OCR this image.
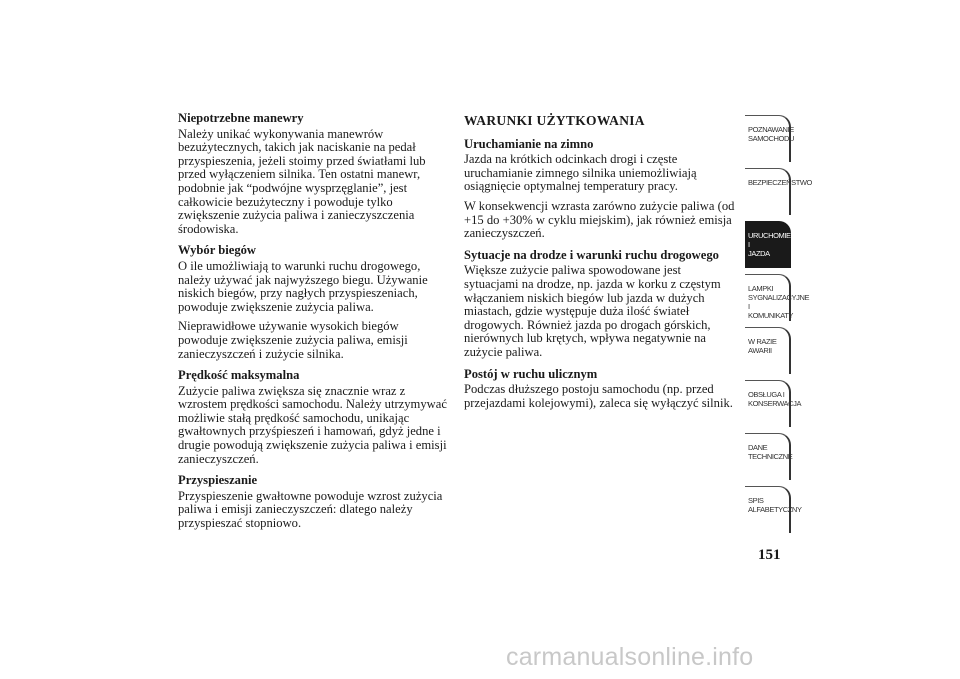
Niepotrzebne manewry
Należy unikać wykonywania manewrów bezużytecznych, takich jak naciskanie na pedał przyspieszenia, jeżeli stoimy przed światłami lub przed wyłączeniem silnika. Ten ostatni manewr, podobnie jak “podwójne wysprzęglanie”, jest całkowicie bezużyteczny i powoduje tylko zwiększenie zużycia paliwa i zanieczyszczenia środowiska.
Wybór biegów
O ile umożliwiają to warunki ruchu drogowego, należy używać jak najwyższego biegu. Używanie niskich biegów, przy nagłych przyspieszeniach, powoduje zwiększenie zużycia paliwa.
Nieprawidłowe używanie wysokich biegów powoduje zwiększenie zużycia paliwa, emisji zanieczyszczeń i zużycie silnika.
Prędkość maksymalna
Zużycie paliwa zwiększa się znacznie wraz z wzrostem prędkości samochodu. Należy utrzymywać możliwie stałą prędkość samochodu, unikając gwałtownych przyśpieszeń i hamowań, gdyż jedne i drugie powodują zwiększenie zużycia paliwa i emisji zanieczyszczeń.
Przyspieszanie
Przyspieszenie gwałtowne powoduje wzrost zużycia paliwa i emisji zanieczyszczeń: dlatego należy przyspieszać stopniowo.
WARUNKI UŻYTKOWANIA
Uruchamianie na zimno
Jazda na krótkich odcinkach drogi i częste uruchamianie zimnego silnika uniemożliwiają osiągnięcie optymalnej temperatury pracy.
W konsekwencji wzrasta zarówno zużycie paliwa (od +15 do +30% w cyklu miejskim), jak również emisja zanieczyszczeń.
Sytuacje na drodze i warunki ruchu drogowego
Większe zużycie paliwa spowodowane jest sytuacjami na drodze, np. jazda w korku z częstym włączaniem niskich biegów lub jazda w dużych miastach, gdzie występuje duża ilość świateł drogowych. Również jazda po drogach górskich, nierównych lub krętych, wpływa negatywnie na zużycie paliwa.
Postój w ruchu ulicznym
Podczas dłuższego postoju samochodu (np. przed przejazdami kolejowymi), zaleca się wyłączyć silnik.
POZNAWANIE
SAMOCHODU
BEZPIECZEŃSTWO
URUCHOMIENIE I
JAZDA
LAMPKI
SYGNALIZACYJNE
I KOMUNIKATY
W RAZIE AWARII
OBSŁUGA I
KONSERWACJA
DANE
TECHNICZNE
SPIS
ALFABETYCZNY
151
carmanualsonline.info
